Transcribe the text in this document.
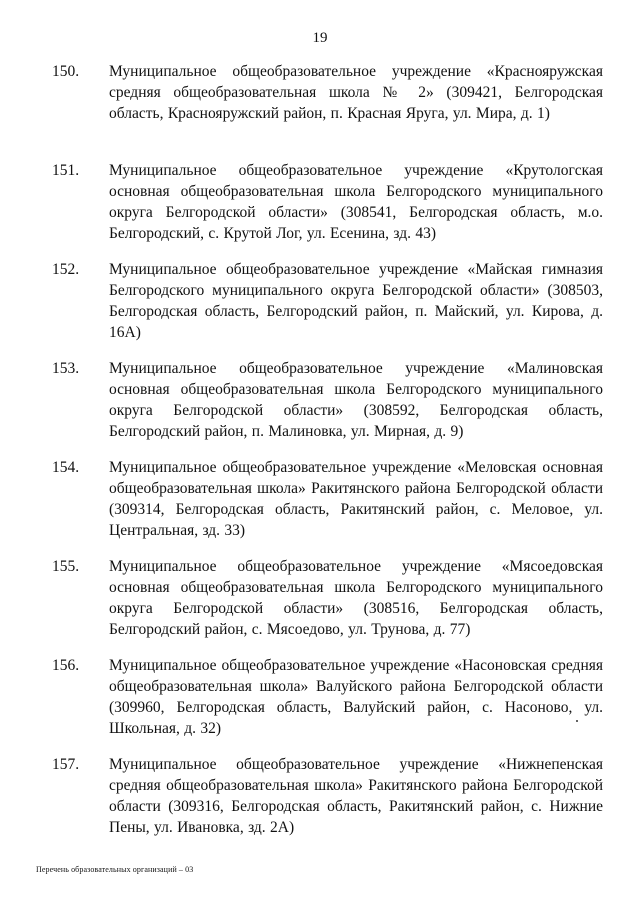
19
150. Муниципальное общеобразовательное учреждение «Краснояружская средняя общеобразовательная школа № 2» (309421, Белгородская область, Краснояружский район, п. Красная Яруга, ул. Мира, д. 1)
151. Муниципальное общеобразовательное учреждение «Крутологская основная общеобразовательная школа Белгородского муниципального округа Белгородской области» (308541, Белгородская область, м.о. Белгородский, с. Крутой Лог, ул. Есенина, зд. 43)
152. Муниципальное общеобразовательное учреждение «Майская гимназия Белгородского муниципального округа Белгородской области» (308503, Белгородская область, Белгородский район, п. Майский, ул. Кирова, д. 16А)
153. Муниципальное общеобразовательное учреждение «Малиновская основная общеобразовательная школа Белгородского муниципального округа Белгородской области» (308592, Белгородская область, Белгородский район, п. Малиновка, ул. Мирная, д. 9)
154. Муниципальное общеобразовательное учреждение «Меловская основная общеобразовательная школа» Ракитянского района Белгородской области (309314, Белгородская область, Ракитянский район, с. Меловое, ул. Центральная, зд. 33)
155. Муниципальное общеобразовательное учреждение «Мясоедовская основная общеобразовательная школа Белгородского муниципального округа Белгородской области» (308516, Белгородская область, Белгородский район, с. Мясоедово, ул. Трунова, д. 77)
156. Муниципальное общеобразовательное учреждение «Насоновская средняя общеобразовательная школа» Валуйского района Белгородской области (309960, Белгородская область, Валуйский район, с. Насоново, ул. Школьная, д. 32)
157. Муниципальное общеобразовательное учреждение «Нижнепенская средняя общеобразовательная школа» Ракитянского района Белгородской области (309316, Белгородская область, Ракитянский район, с. Нижние Пены, ул. Ивановка, зд. 2А)
Перечень образовательных организаций – 03
